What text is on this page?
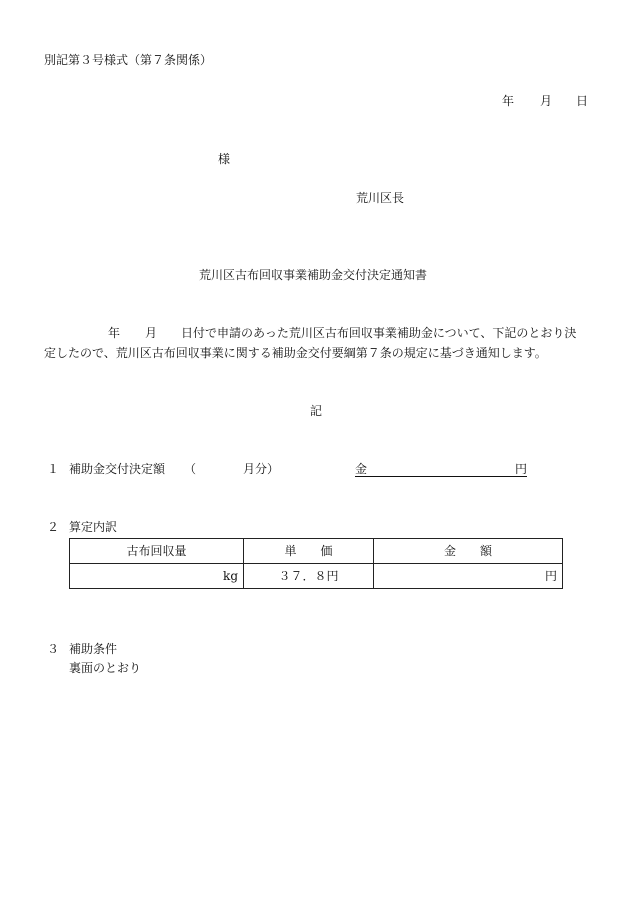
別記第３号様式（第７条関係）
年 月 日
様
荒川区長
荒川区古布回収事業補助金交付決定通知書
年 月 日付で申請のあった荒川区古布回収事業補助金について、下記のとおり決
定したので、荒川区古布回収事業に関する補助金交付要綱第７条の規定に基づき通知します。
記
１ 補助金交付決定額 （	月分）	金	円
２ 算定内訳
古布回収量	単　　価	金　　額
kg	３７．８円	円
３ 補助条件
裏面のとおり
